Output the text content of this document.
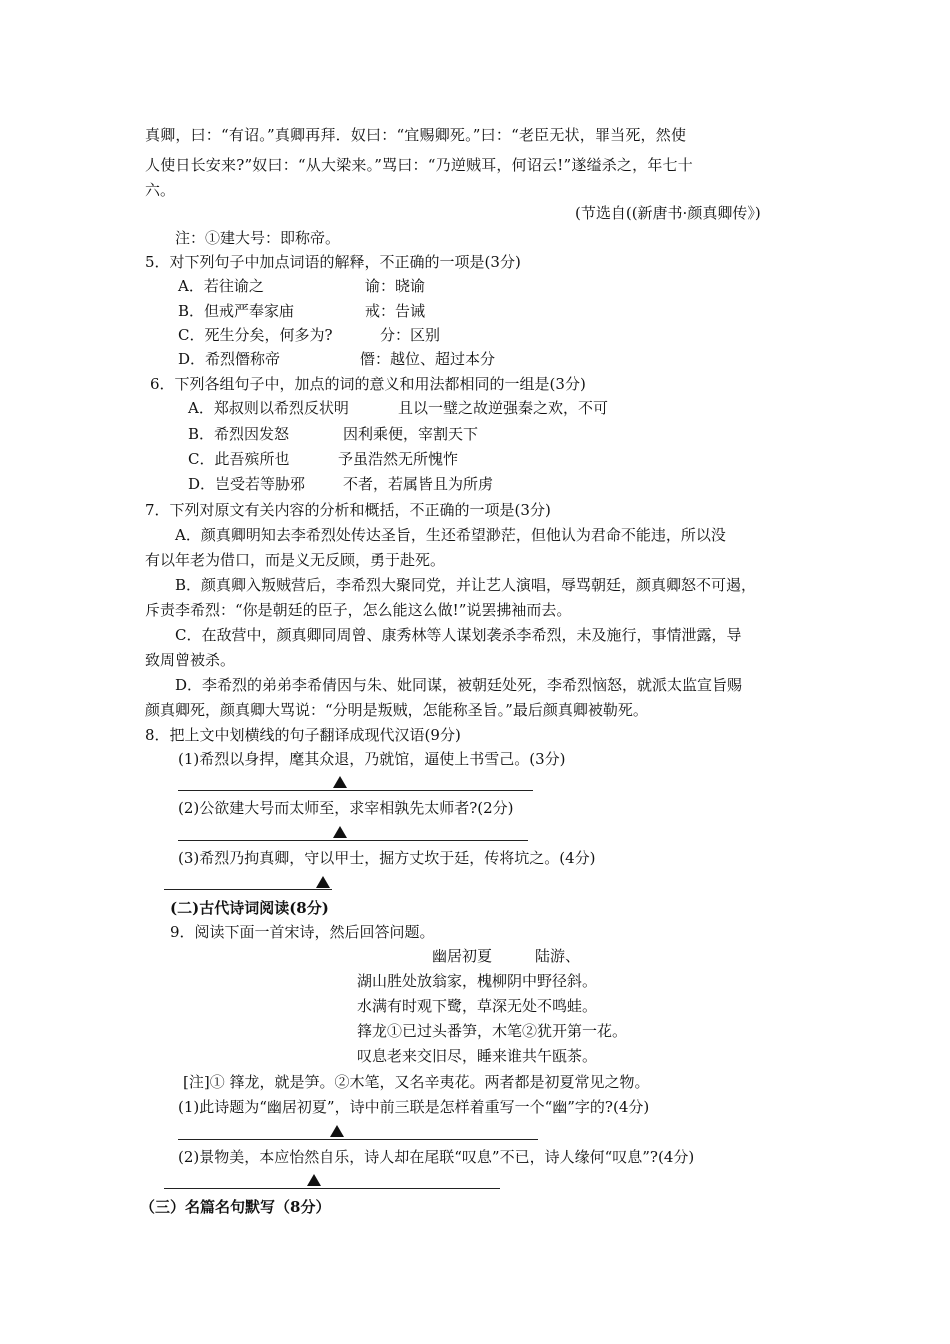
真卿，曰：“有诏。”真卿再拜．奴曰：“宜赐卿死。”曰：“老臣无状，罪当死，然使
人使日长安来?”奴曰：“从大梁来。”骂曰：“乃逆贼耳，何诏云!”遂缢杀之，年七十
六。
(节选自((新唐书·颜真卿传》)
注：①建大号：即称帝。
5．对下列句子中加点词语的解释，不正确的一项是(3分)
A．若往谕之	谕：晓谕
B．但戒严奉家庙	戒：告诫
C．死生分矣，何多为?	分：区别
D．希烈僭称帝	僭：越位、超过本分
6．下列各组句子中，加点的词的意义和用法都相同的一组是(3分)
A．郑叔则以希烈反状明	且以一璧之故逆强秦之欢，不可
B．希烈因发怒	因利乘便，宰割天下
C．此吾殡所也	予虽浩然无所愧怍
D．岂受若等胁邪	不者，若属皆且为所虏
7．下列对原文有关内容的分析和概括，不正确的一项是(3分)
A．颜真卿明知去李希烈处传达圣旨，生还希望渺茫，但他认为君命不能违，所以没
有以年老为借口，而是义无反顾，勇于赴死。
B．颜真卿入叛贼营后，李希烈大聚同党，并让艺人演唱，辱骂朝廷，颜真卿怒不可遏，
斥责李希烈：“你是朝廷的臣子，怎么能这么做!”说罢拂袖而去。
C．在敌营中，颜真卿同周曾、康秀林等人谋划袭杀李希烈，未及施行，事情泄露，导
致周曾被杀。
D．李希烈的弟弟李希倩因与朱、妣同谋，被朝廷处死，李希烈恼怒，就派太监宣旨赐
颜真卿死，颜真卿大骂说：“分明是叛贼，怎能称圣旨。”最后颜真卿被勒死。
8．把上文中划横线的句子翻译成现代汉语(9分)
(1)希烈以身捍，麾其众退，乃就馆，逼使上书雪己。(3分)
(2)公欲建大号而太师至，求宰相孰先太师者?(2分)
(3)希烈乃拘真卿，守以甲士，掘方丈坎于廷，传将坑之。(4分)
(二)古代诗词阅读(8分)
9．阅读下面一首宋诗，然后回答问题。
幽居初夏	陆游、
湖山胜处放翁家，槐柳阴中野径斜。
水满有时观下鹭，草深无处不鸣蛙。
箨龙①已过头番笋，木笔②犹开第一花。
叹息老来交旧尽，睡来谁共午瓯茶。
[注]① 箨龙，就是笋。②木笔，又名辛夷花。两者都是初夏常见之物。
(1)此诗题为“幽居初夏”，诗中前三联是怎样着重写一个“幽”字的?(4分)
(2)景物美，本应怡然自乐，诗人却在尾联“叹息”不已，诗人缘何“叹息”?(4分)
（三）名篇名句默写（8分）
